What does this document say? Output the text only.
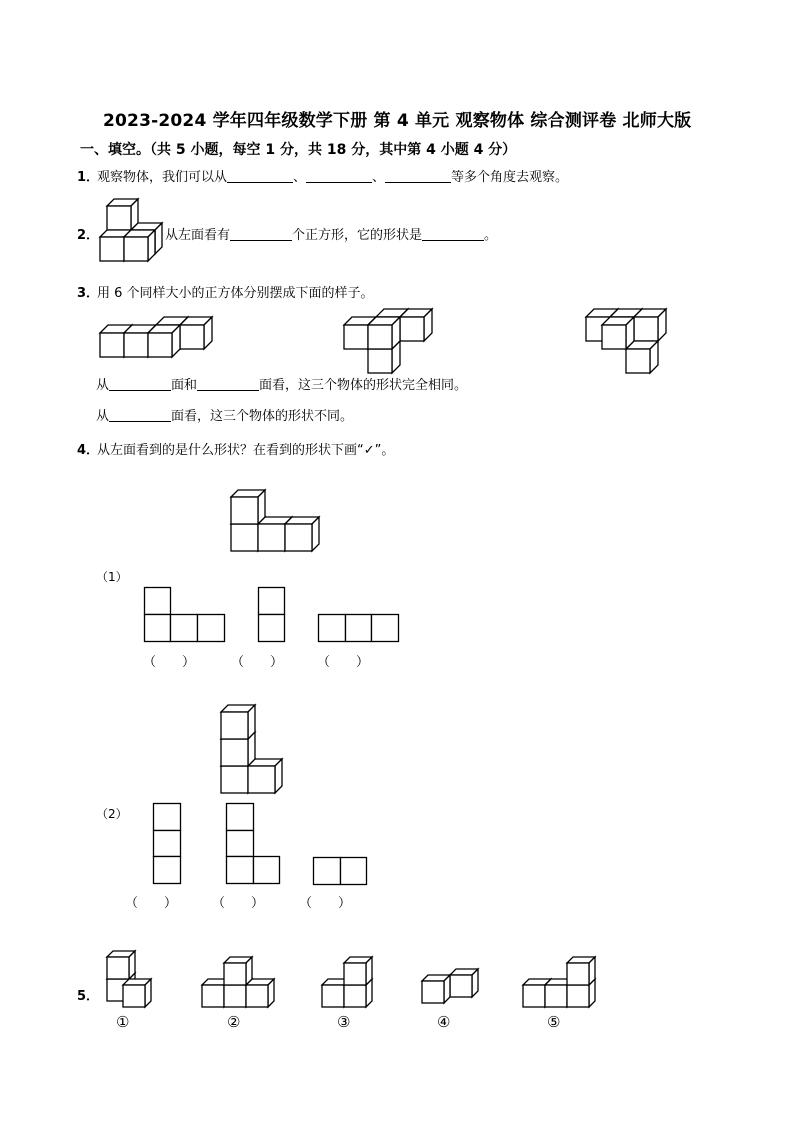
2023-2024 学年四年级数学下册 第 4 单元 观察物体 综合测评卷 北师大版
一、填空。（共 5 小题，每空 1 分，共 18 分，其中第 4 小题 4 分）
1．观察物体，我们可以从	、	、	等多个角度去观察。
2．	从左面看有	个正方形，它的形状是	。
3．用 6 个同样大小的正方体分别摆成下面的样子。
从	面和	面看，这三个物体的形状完全相同。
从	面看，这三个物体的形状不同。
4．从左面看到的是什么形状？在看到的形状下画“✓”。
（1）
（　　）	（　　）	（　　）
（2）
（　　）	（　　）	（　　）
5．
①	②	③	④	⑤
